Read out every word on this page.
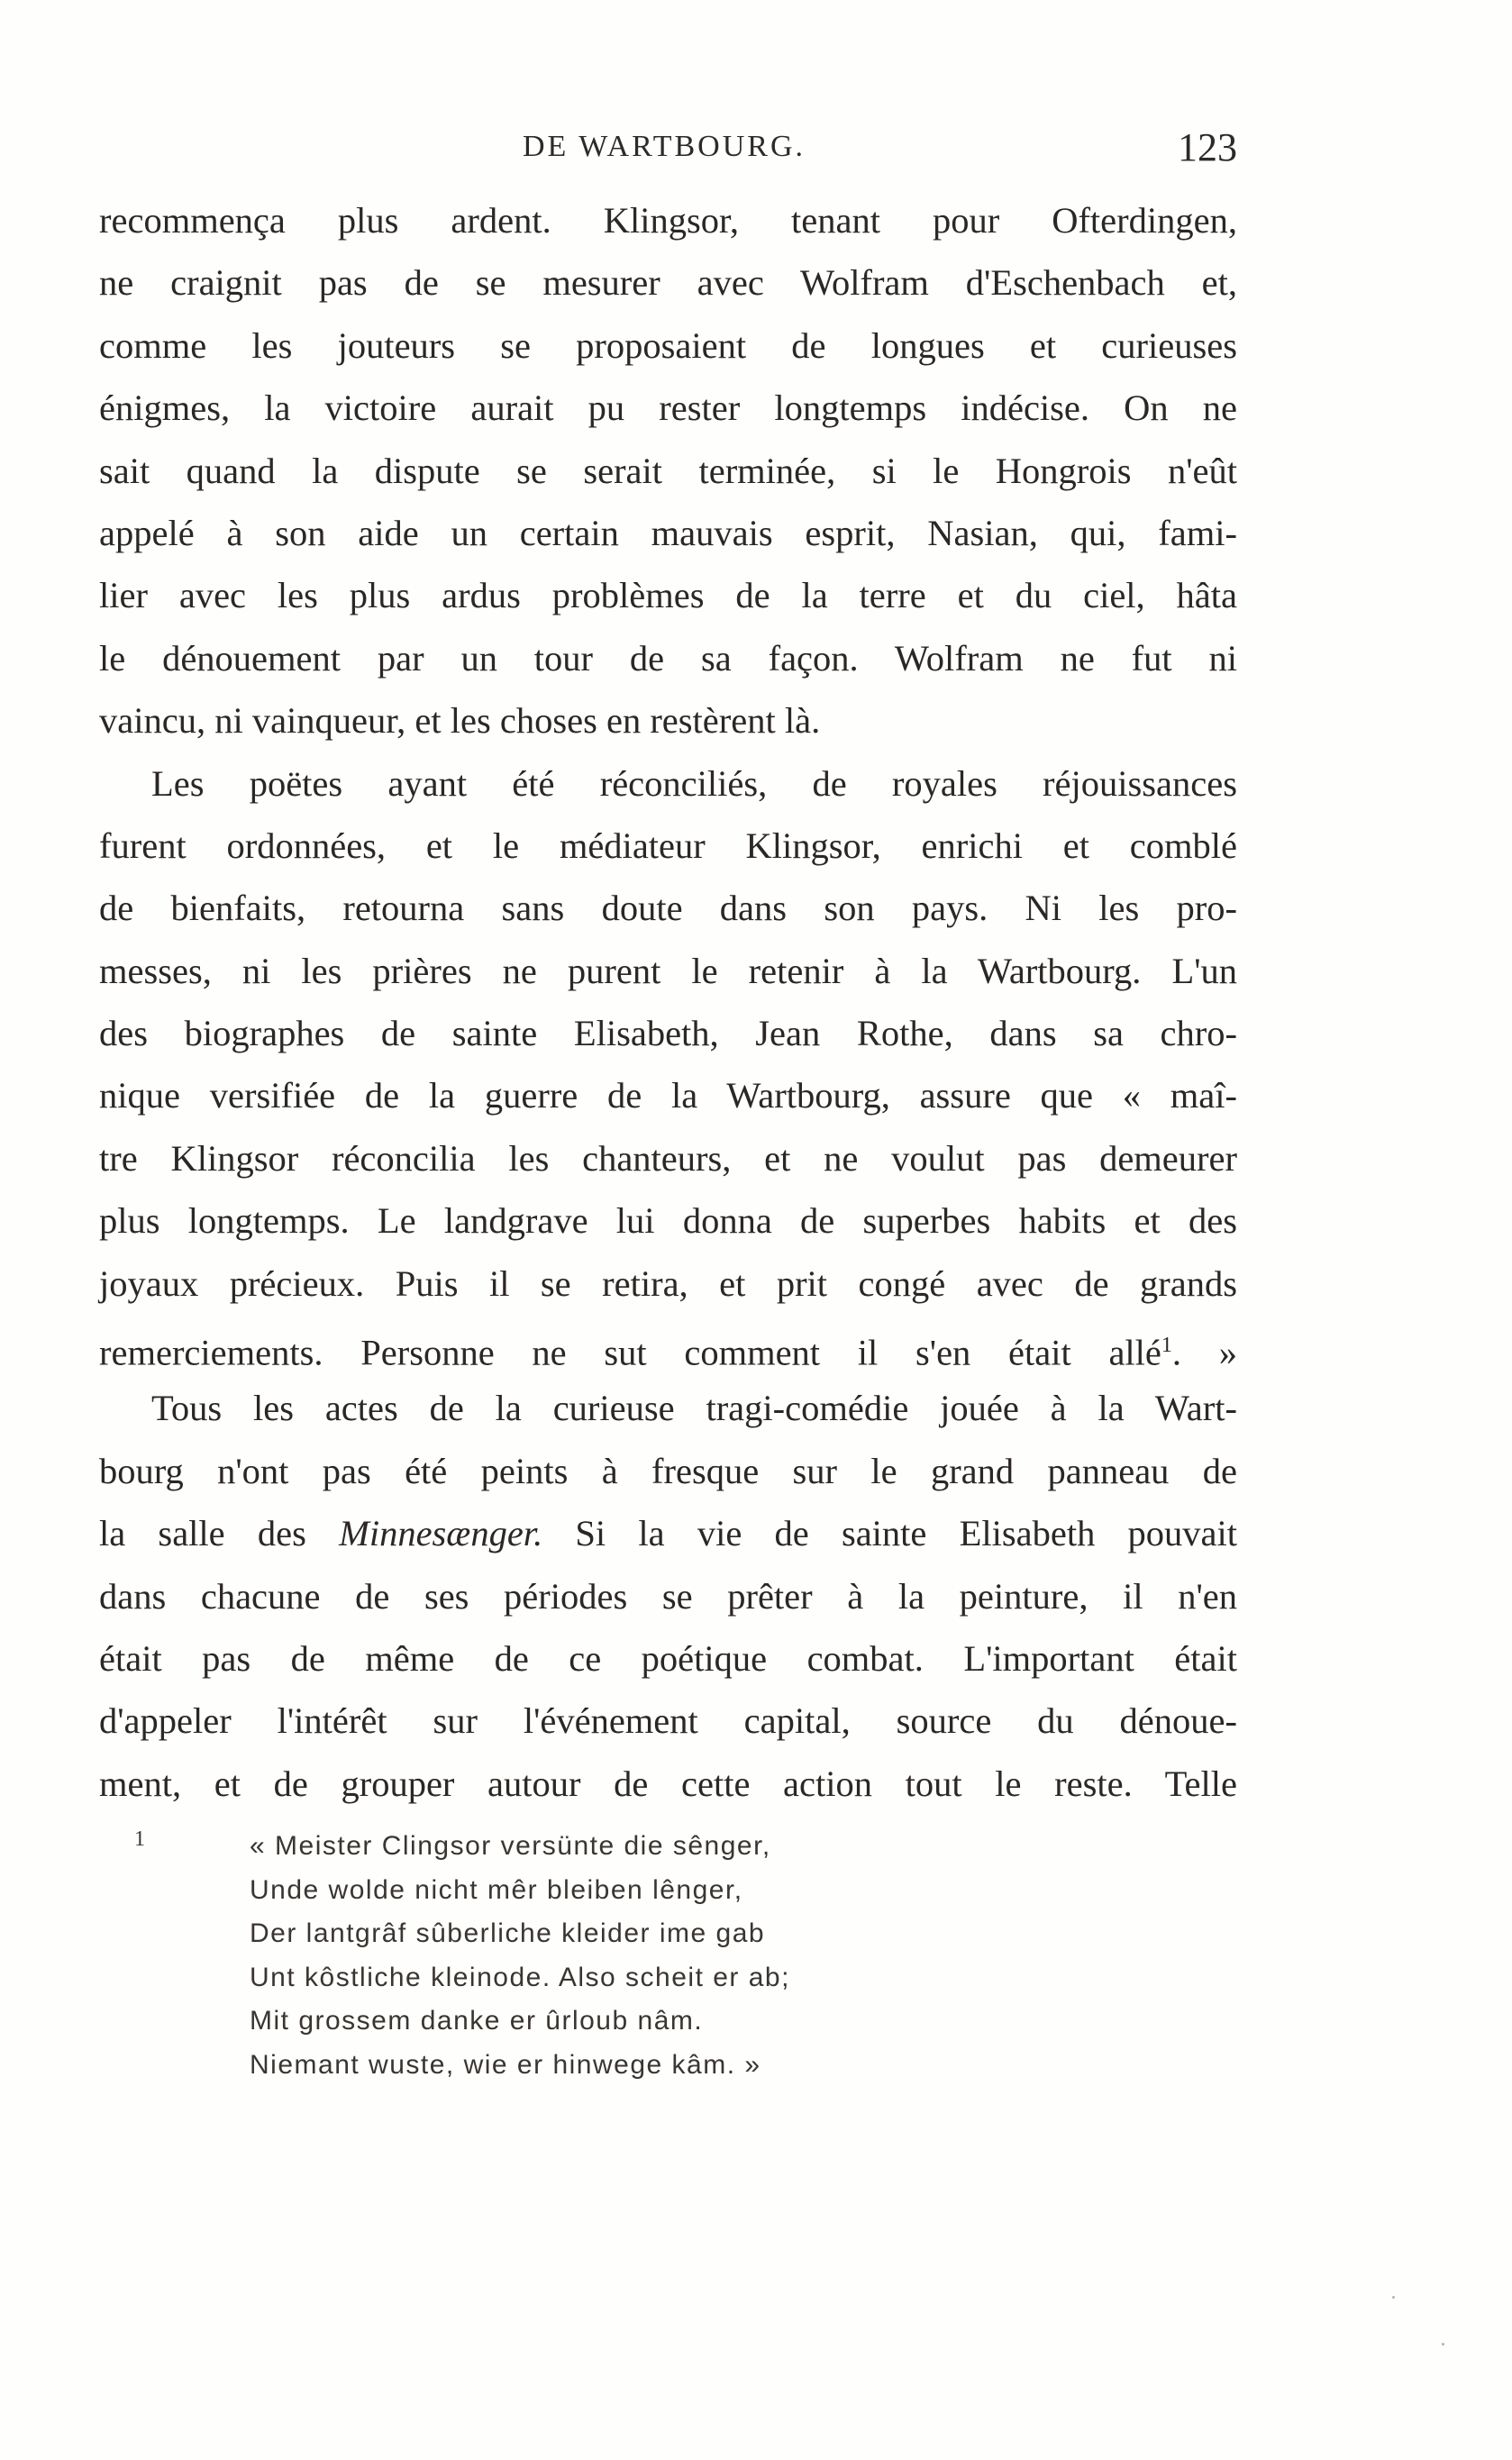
DE WARTBOURG.	123
recommença plus ardent. Klingsor, tenant pour Ofterdingen,
ne craignit pas de se mesurer avec Wolfram d'Eschenbach et,
comme les jouteurs se proposaient de longues et curieuses
énigmes, la victoire aurait pu rester longtemps indécise. On ne
sait quand la dispute se serait terminée, si le Hongrois n'eût
appelé à son aide un certain mauvais esprit, Nasian, qui, fami-
lier avec les plus ardus problèmes de la terre et du ciel, hâta
le dénouement par un tour de sa façon. Wolfram ne fut ni
vaincu, ni vainqueur, et les choses en restèrent là.
Les poëtes ayant été réconciliés, de royales réjouissances
furent ordonnées, et le médiateur Klingsor, enrichi et comblé
de bienfaits, retourna sans doute dans son pays. Ni les pro-
messes, ni les prières ne purent le retenir à la Wartbourg. L'un
des biographes de sainte Elisabeth, Jean Rothe, dans sa chro-
nique versifiée de la guerre de la Wartbourg, assure que « maî-
tre Klingsor réconcilia les chanteurs, et ne voulut pas demeurer
plus longtemps. Le landgrave lui donna de superbes habits et des
joyaux précieux. Puis il se retira, et prit congé avec de grands
remerciements. Personne ne sut comment il s'en était allé$^1$. »
Tous les actes de la curieuse tragi-comédie jouée à la Wart-
bourg n'ont pas été peints à fresque sur le grand panneau de
la salle des Minnesænger. Si la vie de sainte Elisabeth pouvait
dans chacune de ses périodes se prêter à la peinture, il n'en
était pas de même de ce poétique combat. L'important était
d'appeler l'intérêt sur l'événement capital, source du dénoue-
ment, et de grouper autour de cette action tout le reste. Telle
1	« Meister Clingsor versünte die sênger,
Unde wolde nicht mêr bleiben lênger,
Der lantgrâf sûberliche kleider ime gab
Unt kôstliche kleinode. Also scheit er ab;
Mit grossem danke er ûrloub nâm.
Niemant wuste, wie er hinwege kâm. »
